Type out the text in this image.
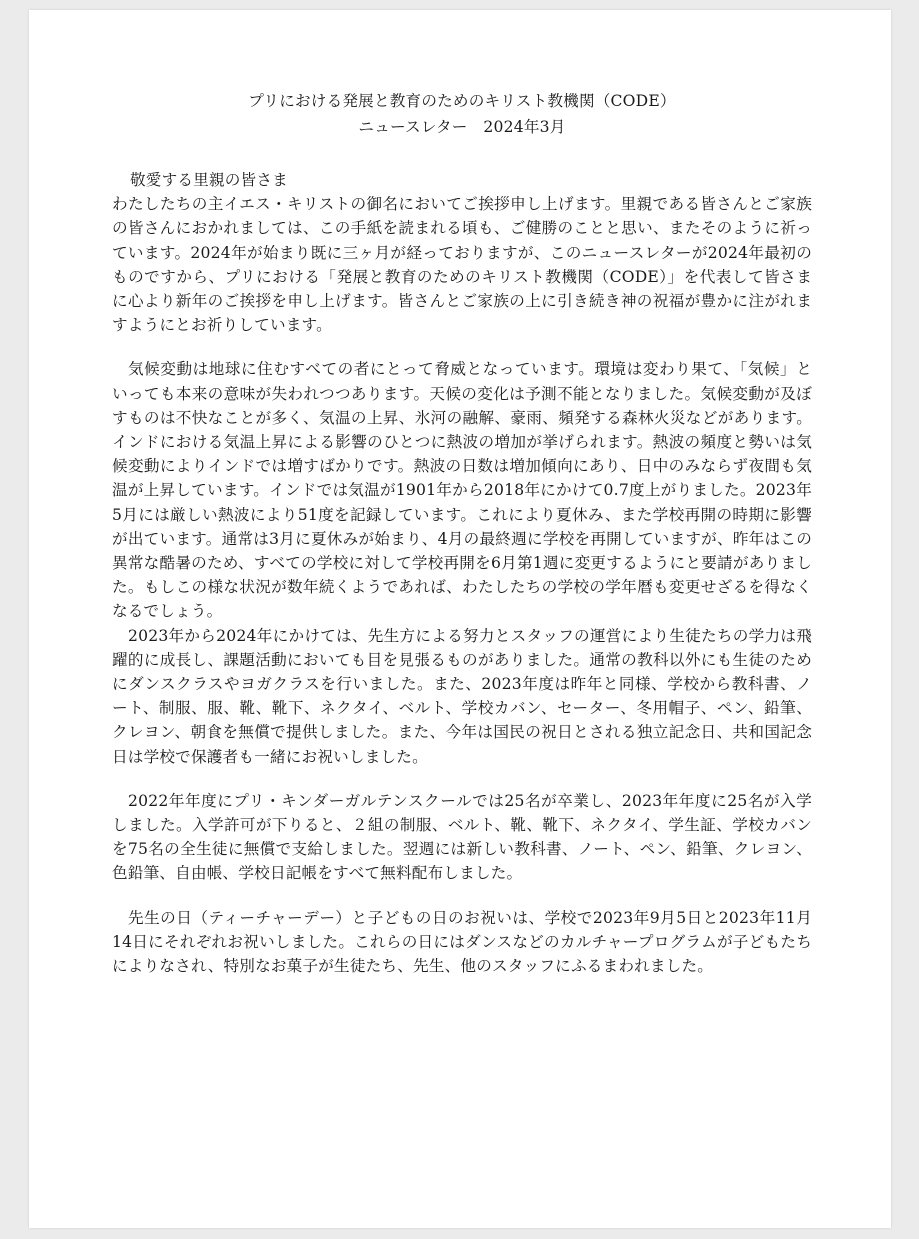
プリにおける発展と教育のためのキリスト教機関（CODE）
ニュースレター　2024年3月

敬愛する里親の皆さま

わたしたちの主イエス・キリストの御名においてご挨拶申し上げます。里親である皆さんとご家族の皆さんにおかれましては、この手紙を読まれる頃も、ご健勝のことと思い、またそのように祈っています。2024年が始まり既に三ヶ月が経っておりますが、このニュースレターが2024年最初のものですから、プリにおける「発展と教育のためのキリスト教機関（CODE）」を代表して皆さまに心より新年のご挨拶を申し上げます。皆さんとご家族の上に引き続き神の祝福が豊かに注がれますようにとお祈りしています。

気候変動は地球に住むすべての者にとって脅威となっています。環境は変わり果て、「気候」といっても本来の意味が失われつつあります。天候の変化は予測不能となりました。気候変動が及ぼすものは不快なことが多く、気温の上昇、氷河の融解、豪雨、頻発する森林火災などがあります。インドにおける気温上昇による影響のひとつに熱波の増加が挙げられます。熱波の頻度と勢いは気候変動によりインドでは増すばかりです。熱波の日数は増加傾向にあり、日中のみならず夜間も気温が上昇しています。インドでは気温が1901年から2018年にかけて0.7度上がりました。2023年5月には厳しい熱波により51度を記録しています。これにより夏休み、また学校再開の時期に影響が出ています。通常は3月に夏休みが始まり、4月の最終週に学校を再開していますが、昨年はこの異常な酷暑のため、すべての学校に対して学校再開を6月第1週に変更するようにと要請がありました。もしこの様な状況が数年続くようであれば、わたしたちの学校の学年暦も変更せざるを得なくなるでしょう。

2023年から2024年にかけては、先生方による努力とスタッフの運営により生徒たちの学力は飛躍的に成長し、課題活動においても目を見張るものがありました。通常の教科以外にも生徒のためにダンスクラスやヨガクラスを行いました。また、2023年度は昨年と同様、学校から教科書、ノート、制服、服、靴、靴下、ネクタイ、ベルト、学校カバン、セーター、冬用帽子、ペン、鉛筆、クレヨン、朝食を無償で提供しました。また、今年は国民の祝日とされる独立記念日、共和国記念日は学校で保護者も一緒にお祝いしました。

2022年年度にプリ・キンダーガルテンスクールでは25名が卒業し、2023年年度に25名が入学しました。入学許可が下りると、２組の制服、ベルト、靴、靴下、ネクタイ、学生証、学校カバンを75名の全生徒に無償で支給しました。翌週には新しい教科書、ノート、ペン、鉛筆、クレヨン、色鉛筆、自由帳、学校日記帳をすべて無料配布しました。

先生の日（ティーチャーデー）と子どもの日のお祝いは、学校で2023年9月5日と2023年11月14日にそれぞれお祝いしました。これらの日にはダンスなどのカルチャープログラムが子どもたちによりなされ、特別なお菓子が生徒たち、先生、他のスタッフにふるまわれました。
